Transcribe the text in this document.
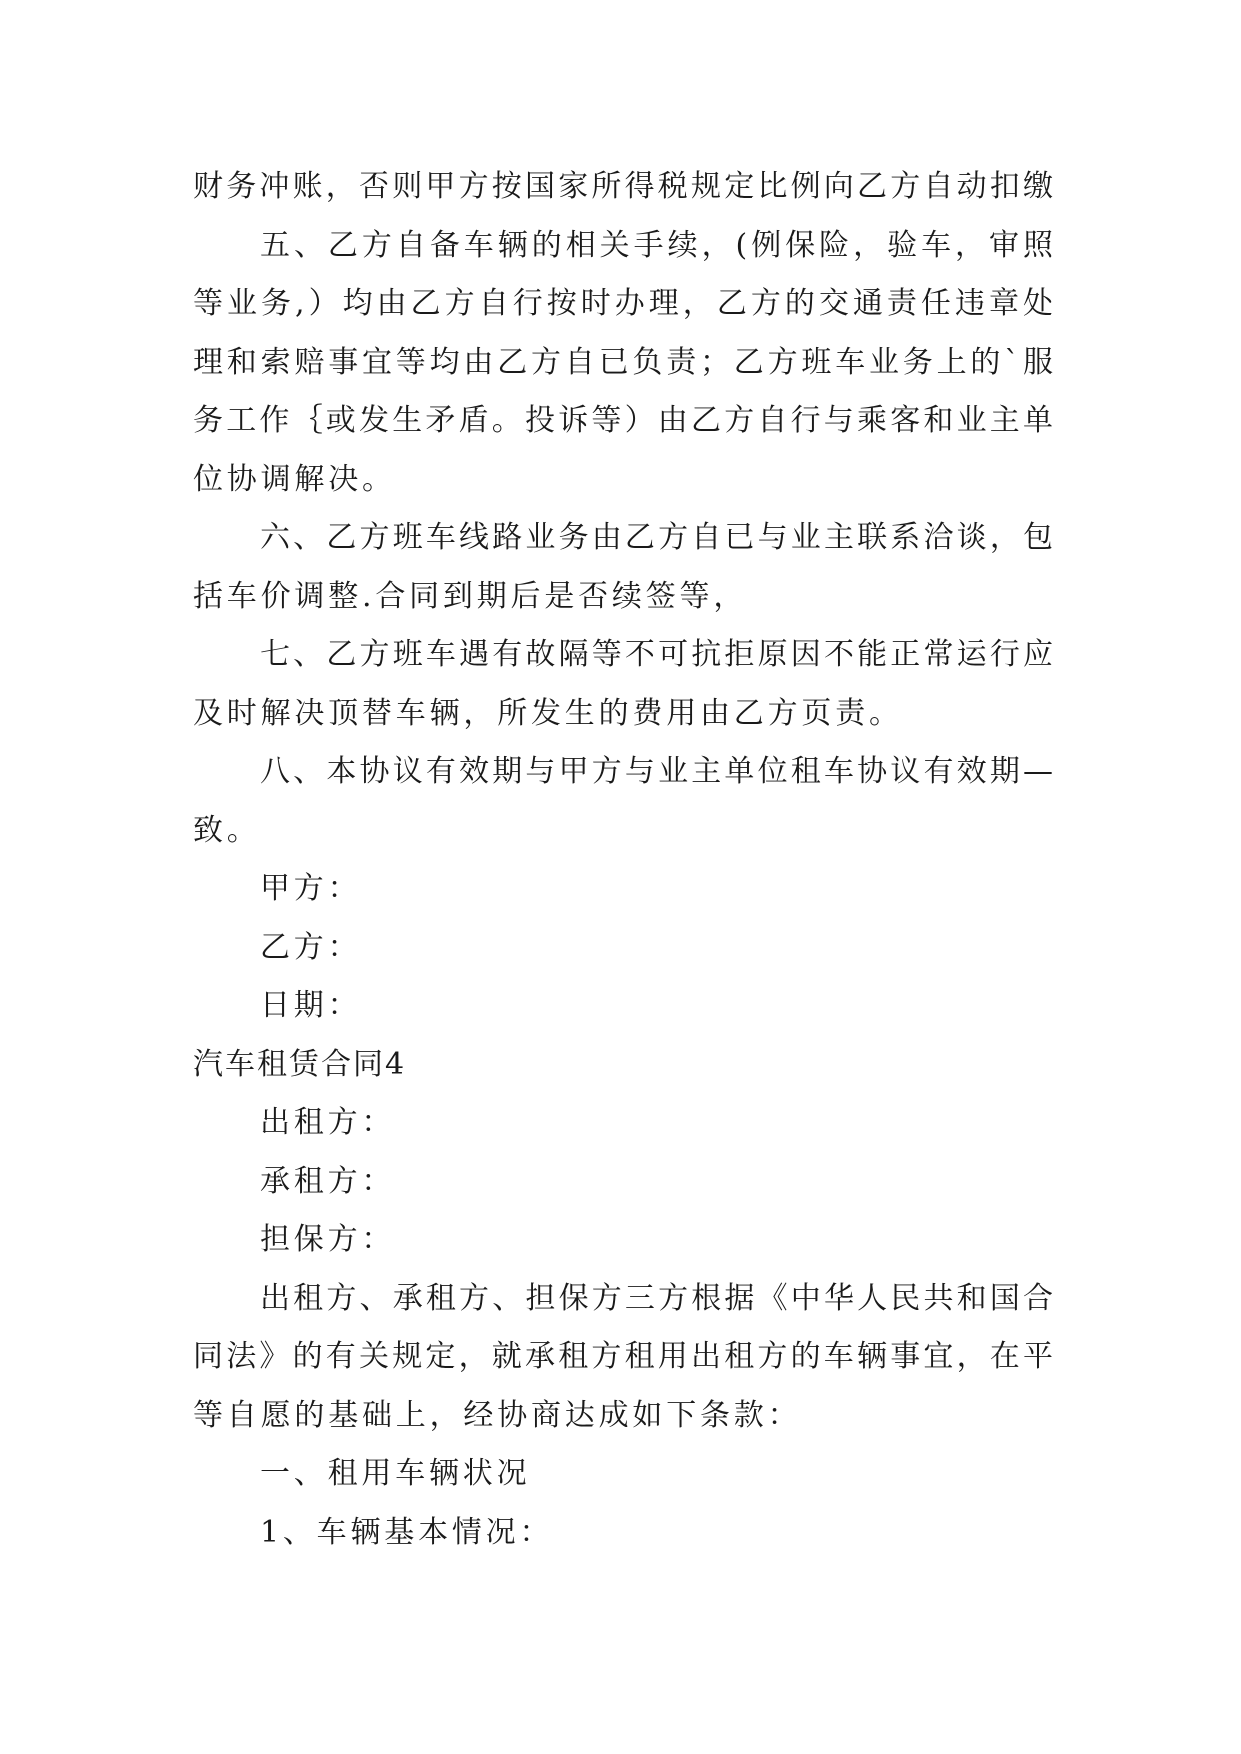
财务冲账，否则甲方按国家所得税规定比例向乙方自动扣缴
五、乙方自备车辆的相关手续，(例保险，验车，审照
等业务,）均由乙方自行按时办理，乙方的交通责任违章处
理和索赔事宜等均由乙方自已负责；乙方班车业务上的`服
务工作｛或发生矛盾。投诉等）由乙方自行与乘客和业主单
位协调解决。
六、乙方班车线路业务由乙方自已与业主联系洽谈，包
括车价调整.合同到期后是否续签等，
七、乙方班车遇有故隔等不可抗拒原因不能正常运行应
及时解决顶替车辆，所发生的费用由乙方页责。
八、本协议有效期与甲方与业主单位租车协议有效期—
致。
甲方：
乙方：
日期：
汽车租赁合同4
出租方：
承租方：
担保方：
出租方、承租方、担保方三方根据《中华人民共和国合
同法》的有关规定，就承租方租用出租方的车辆事宜，在平
等自愿的基础上，经协商达成如下条款：
一、租用车辆状况
1、车辆基本情况：
